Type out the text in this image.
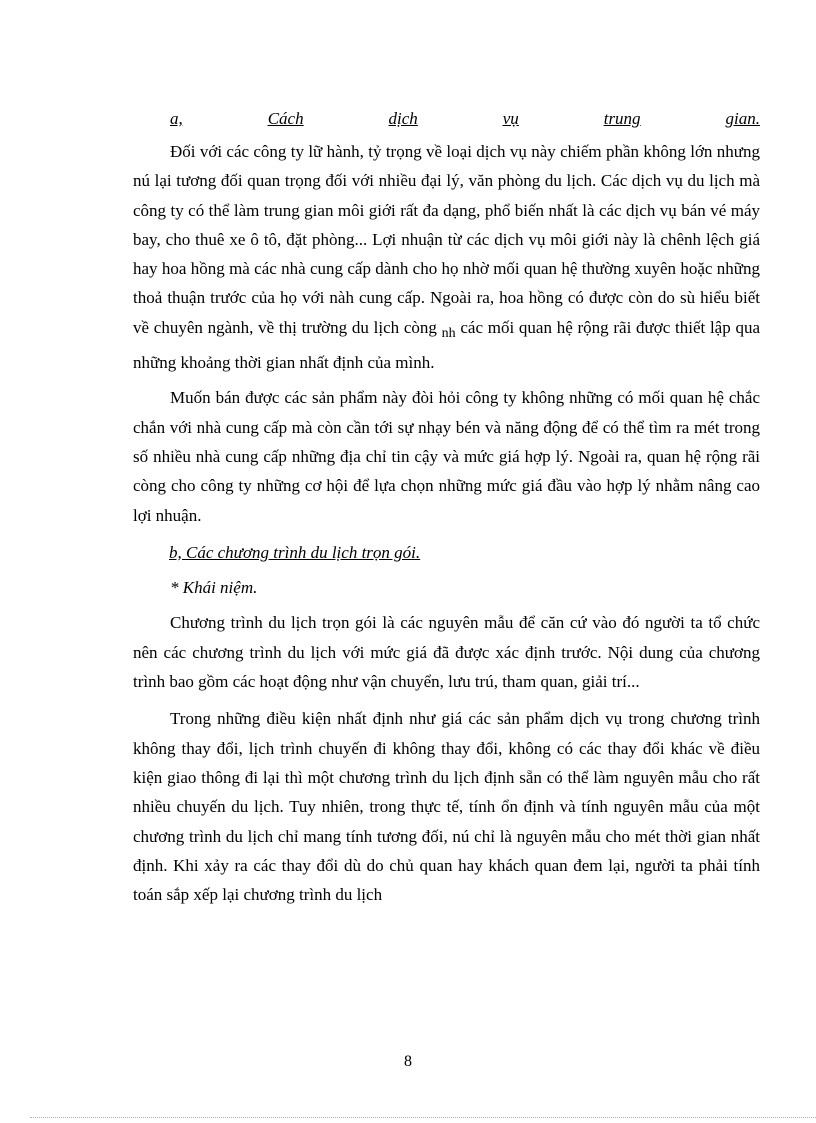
a,	Cách	dịch	vụ	trung	gian.

Đối với các công ty lữ hành, tỷ trọng về loại dịch vụ này chiếm phần không lớn nhưng nú lại tương đối quan trọng đối với nhiều đại lý, văn phòng du lịch. Các dịch vụ du lịch mà công ty có thể làm trung gian môi giới rất đa dạng, phổ biến nhất là các dịch vụ bán vé máy bay, cho thuê xe ô tô, đặt phòng... Lợi nhuận từ các dịch vụ môi giới này là chênh lệch giá hay hoa hồng mà các nhà cung cấp dành cho họ nhờ mối quan hệ thường xuyên hoặc những thoả thuận trước của họ với nàh cung cấp. Ngoài ra, hoa hồng có được còn do sù hiểu biết về chuyên ngành, về thị trường du lịch còng $_{nh}$ các mối quan hệ rộng rãi được thiết lập qua những khoảng thời gian nhất định của mình.

Muốn bán được các sản phẩm này đòi hỏi công ty không những có mối quan hệ chắc chắn với nhà cung cấp mà còn cần tới sự nhạy bén và năng động để có thể tìm ra mét trong số nhiều nhà cung cấp những địa chỉ tin cậy và mức giá hợp lý. Ngoài ra, quan hệ rộng rãi còng cho công ty những cơ hội để lựa chọn những mức giá đầu vào hợp lý nhằm nâng cao lợi nhuận.

b, Các chương trình du lịch trọn gói.

* Khái niệm.

Chương trình du lịch trọn gói là các nguyên mẫu để căn cứ vào đó người ta tổ chức nên các chương trình du lịch với mức giá đã được xác định trước. Nội dung của chương trình bao gồm các hoạt động như vận chuyển, lưu trú, tham quan, giải trí...

Trong những điều kiện nhất định như giá các sản phẩm dịch vụ trong chương trình không thay đổi, lịch trình chuyến đi không thay đổi, không có các thay đổi khác về điều kiện giao thông đi lại thì một chương trình du lịch định sẵn có thể làm nguyên mẫu cho rất nhiều chuyến du lịch. Tuy nhiên, trong thực tế, tính ổn định và tính nguyên mẫu của một chương trình du lịch chỉ mang tính tương đối, nú chỉ là nguyên mẫu cho mét thời gian nhất định. Khi xảy ra các thay đổi dù do chủ quan hay khách quan đem lại, người ta phải tính toán sắp xếp lại chương trình du lịch

8
